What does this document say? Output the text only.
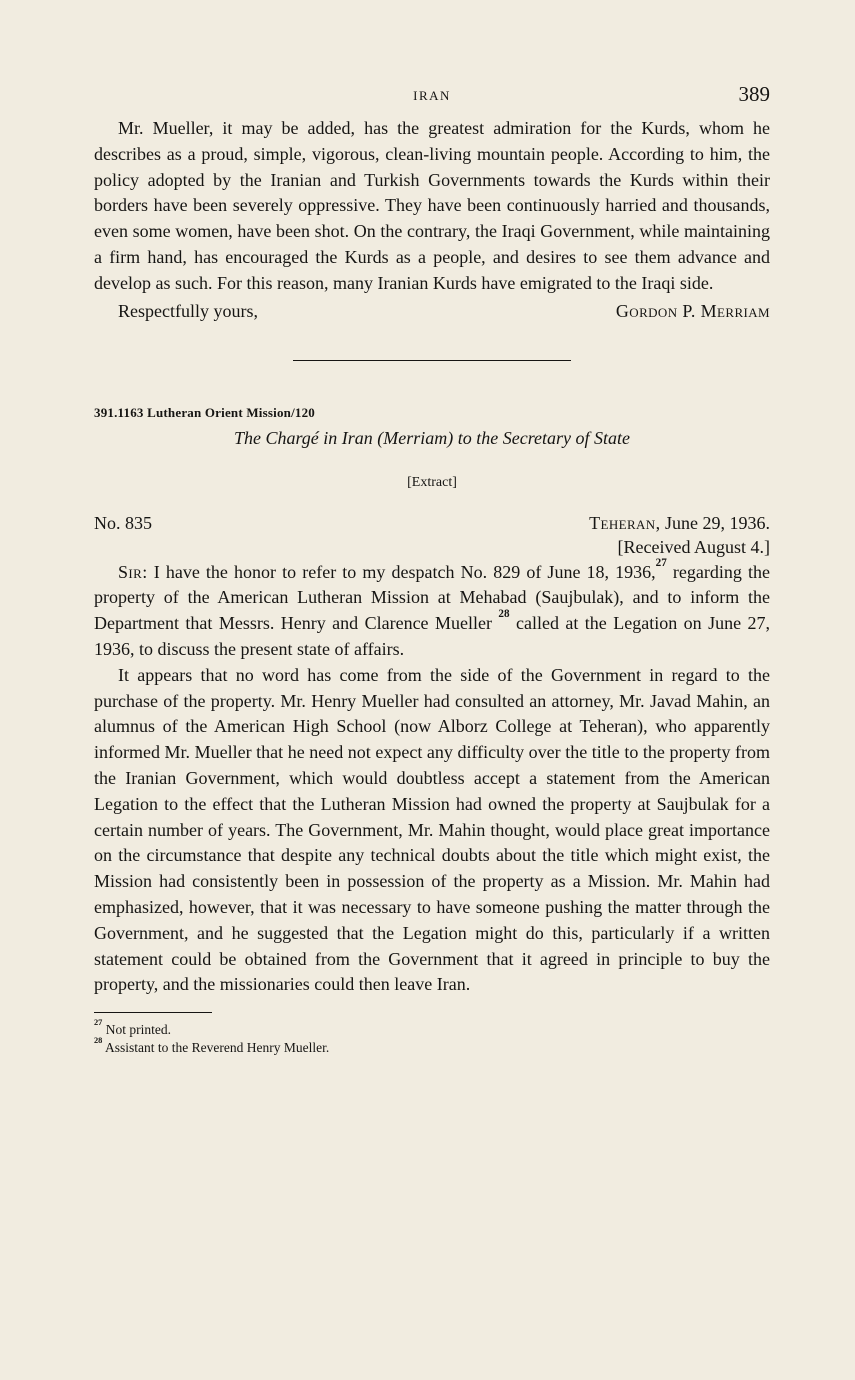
IRAN	389

Mr. Mueller, it may be added, has the greatest admiration for the Kurds, whom he describes as a proud, simple, vigorous, clean-living mountain people. According to him, the policy adopted by the Iranian and Turkish Governments towards the Kurds within their borders have been severely oppressive. They have been continuously harried and thousands, even some women, have been shot. On the contrary, the Iraqi Government, while maintaining a firm hand, has encouraged the Kurds as a people, and desires to see them advance and develop as such. For this reason, many Iranian Kurds have emigrated to the Iraqi side.

Respectfully yours,	Gordon P. Merriam
391.1163 Lutheran Orient Mission/120
The Chargé in Iran (Merriam) to the Secretary of State
[Extract]
No. 835	Teheran, June 29, 1936.
[Received August 4.]

Sir: I have the honor to refer to my despatch No. 829 of June 18, 1936,27 regarding the property of the American Lutheran Mission at Mehabad (Saujbulak), and to inform the Department that Messrs. Henry and Clarence Mueller $^{28}$ called at the Legation on June 27, 1936, to discuss the present state of affairs.

It appears that no word has come from the side of the Government in regard to the purchase of the property. Mr. Henry Mueller had consulted an attorney, Mr. Javad Mahin, an alumnus of the American High School (now Alborz College at Teheran), who apparently informed Mr. Mueller that he need not expect any difficulty over the title to the property from the Iranian Government, which would doubtless accept a statement from the American Legation to the effect that the Lutheran Mission had owned the property at Saujbulak for a certain number of years. The Government, Mr. Mahin thought, would place great importance on the circumstance that despite any technical doubts about the title which might exist, the Mission had consistently been in possession of the property as a Mission. Mr. Mahin had emphasized, however, that it was necessary to have someone pushing the matter through the Government, and he suggested that the Legation might do this, particularly if a written statement could be obtained from the Government that it agreed in principle to buy the property, and the missionaries could then leave Iran.

$^{27}$ Not printed.
$^{28}$ Assistant to the Reverend Henry Mueller.
